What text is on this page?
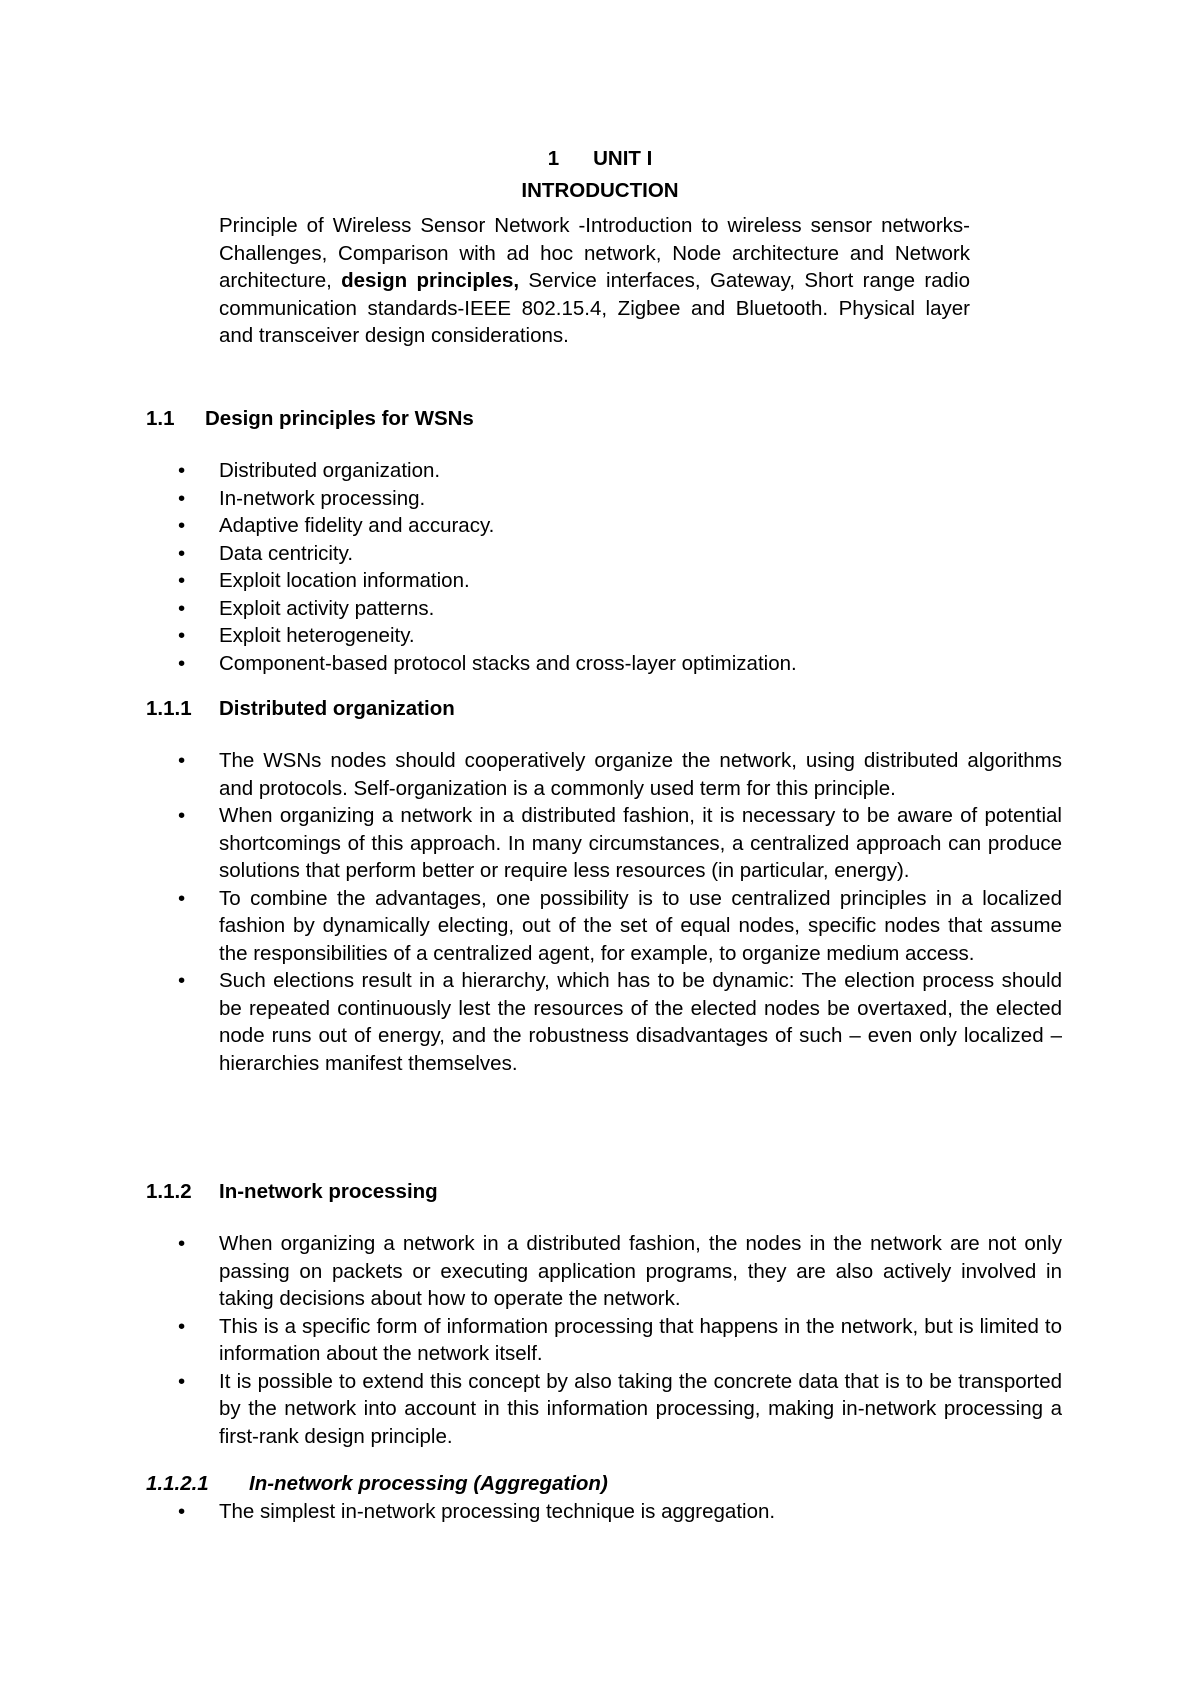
1 UNIT I
INTRODUCTION

Principle of Wireless Sensor Network -Introduction to wireless sensor networks- Challenges, Comparison with ad hoc network, Node architecture and Network architecture, design principles, Service interfaces, Gateway, Short range radio communication standards-IEEE 802.15.4, Zigbee and Bluetooth. Physical layer and transceiver design considerations.

1.1 Design principles for WSNs
• Distributed organization.
• In-network processing.
• Adaptive fidelity and accuracy.
• Data centricity.
• Exploit location information.
• Exploit activity patterns.
• Exploit heterogeneity.
• Component-based protocol stacks and cross-layer optimization.
1.1.1 Distributed organization
• The WSNs nodes should cooperatively organize the network, using distributed algorithms and protocols. Self-organization is a commonly used term for this principle.
• When organizing a network in a distributed fashion, it is necessary to be aware of potential shortcomings of this approach. In many circumstances, a centralized approach can produce solutions that perform better or require less resources (in particular, energy).
• To combine the advantages, one possibility is to use centralized principles in a localized fashion by dynamically electing, out of the set of equal nodes, specific nodes that assume the responsibilities of a centralized agent, for example, to organize medium access.
• Such elections result in a hierarchy, which has to be dynamic: The election process should be repeated continuously lest the resources of the elected nodes be overtaxed, the elected node runs out of energy, and the robustness disadvantages of such – even only localized – hierarchies manifest themselves.
1.1.2 In-network processing
• When organizing a network in a distributed fashion, the nodes in the network are not only passing on packets or executing application programs, they are also actively involved in taking decisions about how to operate the network.
• This is a specific form of information processing that happens in the network, but is limited to information about the network itself.
• It is possible to extend this concept by also taking the concrete data that is to be transported by the network into account in this information processing, making in-network processing a first-rank design principle.
1.1.2.1 In-network processing (Aggregation)
• The simplest in-network processing technique is aggregation.
